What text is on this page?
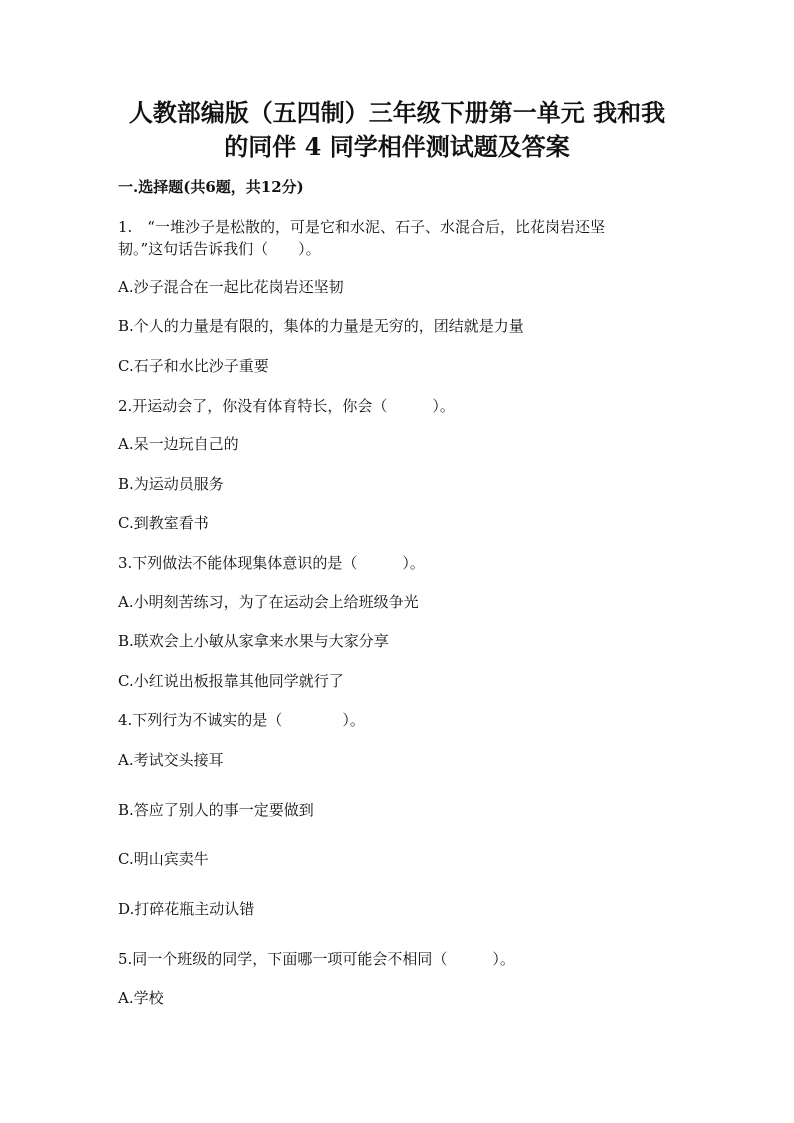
人教部编版（五四制）三年级下册第一单元 我和我
的同伴 4 同学相伴测试题及答案
一.选择题(共6题，共12分)
1.　“一堆沙子是松散的，可是它和水泥、石子、水混合后，比花岗岩还坚
韧。”这句话告诉我们（　　）。
A.沙子混合在一起比花岗岩还坚韧
B.个人的力量是有限的，集体的力量是无穷的，团结就是力量
C.石子和水比沙子重要
2.开运动会了，你没有体育特长，你会（　　　）。
A.呆一边玩自己的
B.为运动员服务
C.到教室看书
3.下列做法不能体现集体意识的是（　　　）。
A.小明刻苦练习，为了在运动会上给班级争光
B.联欢会上小敏从家拿来水果与大家分享
C.小红说出板报靠其他同学就行了
4.下列行为不诚实的是（　　　　）。
A.考试交头接耳
B.答应了别人的事一定要做到
C.明山宾卖牛
D.打碎花瓶主动认错
5.同一个班级的同学，下面哪一项可能会不相同（　　　）。
A.学校
